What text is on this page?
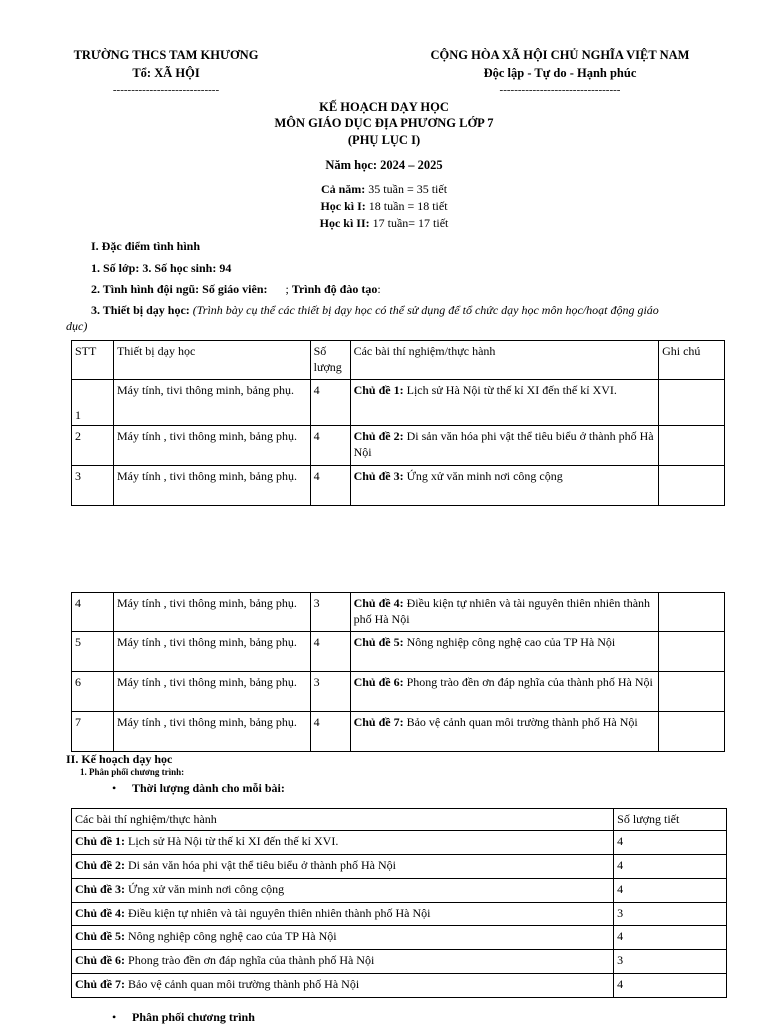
TRƯỜNG THCS TAM KHƯƠNG
Tổ: XÃ HỘI
-----------------------------
CỘNG HÒA XÃ HỘI CHỦ NGHĨA VIỆT NAM
Độc lập - Tự do - Hạnh phúc
---------------------------------
KẾ HOẠCH DẠY HỌC
MÔN GIÁO DỤC ĐỊA PHƯƠNG LỚP 7
(PHỤ LỤC I)
Năm học: 2024 – 2025
Cả năm: 35 tuần = 35 tiết
Học kì I: 18 tuần = 18 tiết
Học kì II: 17 tuần= 17 tiết
I. Đặc điểm tình hình
1. Số lớp: 3. Số học sinh: 94
2. Tình hình đội ngũ: Số giáo viên: ; Trình độ đào tạo:
3. Thiết bị dạy học: (Trình bày cụ thể các thiết bị dạy học có thể sử dụng để tổ chức dạy học môn học/hoạt động giáo
dục)
STT	Thiết bị dạy học	Số lượng	Các bài thí nghiệm/thực hành	Ghi chú
1	Máy tính, tivi thông minh, bảng phụ.	4	Chủ đề 1: Lịch sử Hà Nội từ thế kỉ XI đến thế kỉ XVI.	
2	Máy tính , tivi thông minh, bảng phụ.	4	Chủ đề 2: Di sản văn hóa phi vật thể tiêu biểu ở thành phố Hà Nội	
3	Máy tính , tivi thông minh, bảng phụ.	4	Chủ đề 3: Ứng xử văn minh nơi công cộng	
4	Máy tính , tivi thông minh, bảng phụ.	3	Chủ đề 4: Điều kiện tự nhiên và tài nguyên thiên nhiên thành phố Hà Nội	
5	Máy tính , tivi thông minh, bảng phụ.	4	Chủ đề 5: Nông nghiệp công nghệ cao của TP Hà Nội	
6	Máy tính , tivi thông minh, bảng phụ.	3	Chủ đề 6: Phong trào đền ơn đáp nghĩa của thành phố Hà Nội	
7	Máy tính , tivi thông minh, bảng phụ.	4	Chủ đề 7: Bảo vệ cảnh quan môi trường thành phố Hà Nội	
II. Kế hoạch dạy học
1. Phân phối chương trình:
• Thời lượng dành cho mỗi bài:
Các bài thí nghiệm/thực hành	Số lượng tiết
Chủ đề 1: Lịch sử Hà Nội từ thế kỉ XI đến thế kỉ XVI.	4
Chủ đề 2: Di sản văn hóa phi vật thể tiêu biểu ở thành phố Hà Nội	4
Chủ đề 3: Ứng xử văn minh nơi công cộng	4
Chủ đề 4: Điều kiện tự nhiên và tài nguyên thiên nhiên thành phố Hà Nội	3
Chủ đề 5: Nông nghiệp công nghệ cao của TP Hà Nội	4
Chủ đề 6: Phong trào đền ơn đáp nghĩa của thành phố Hà Nội	3
Chủ đề 7: Bảo vệ cảnh quan môi trường thành phố Hà Nội	4
• Phân phối chương trình
